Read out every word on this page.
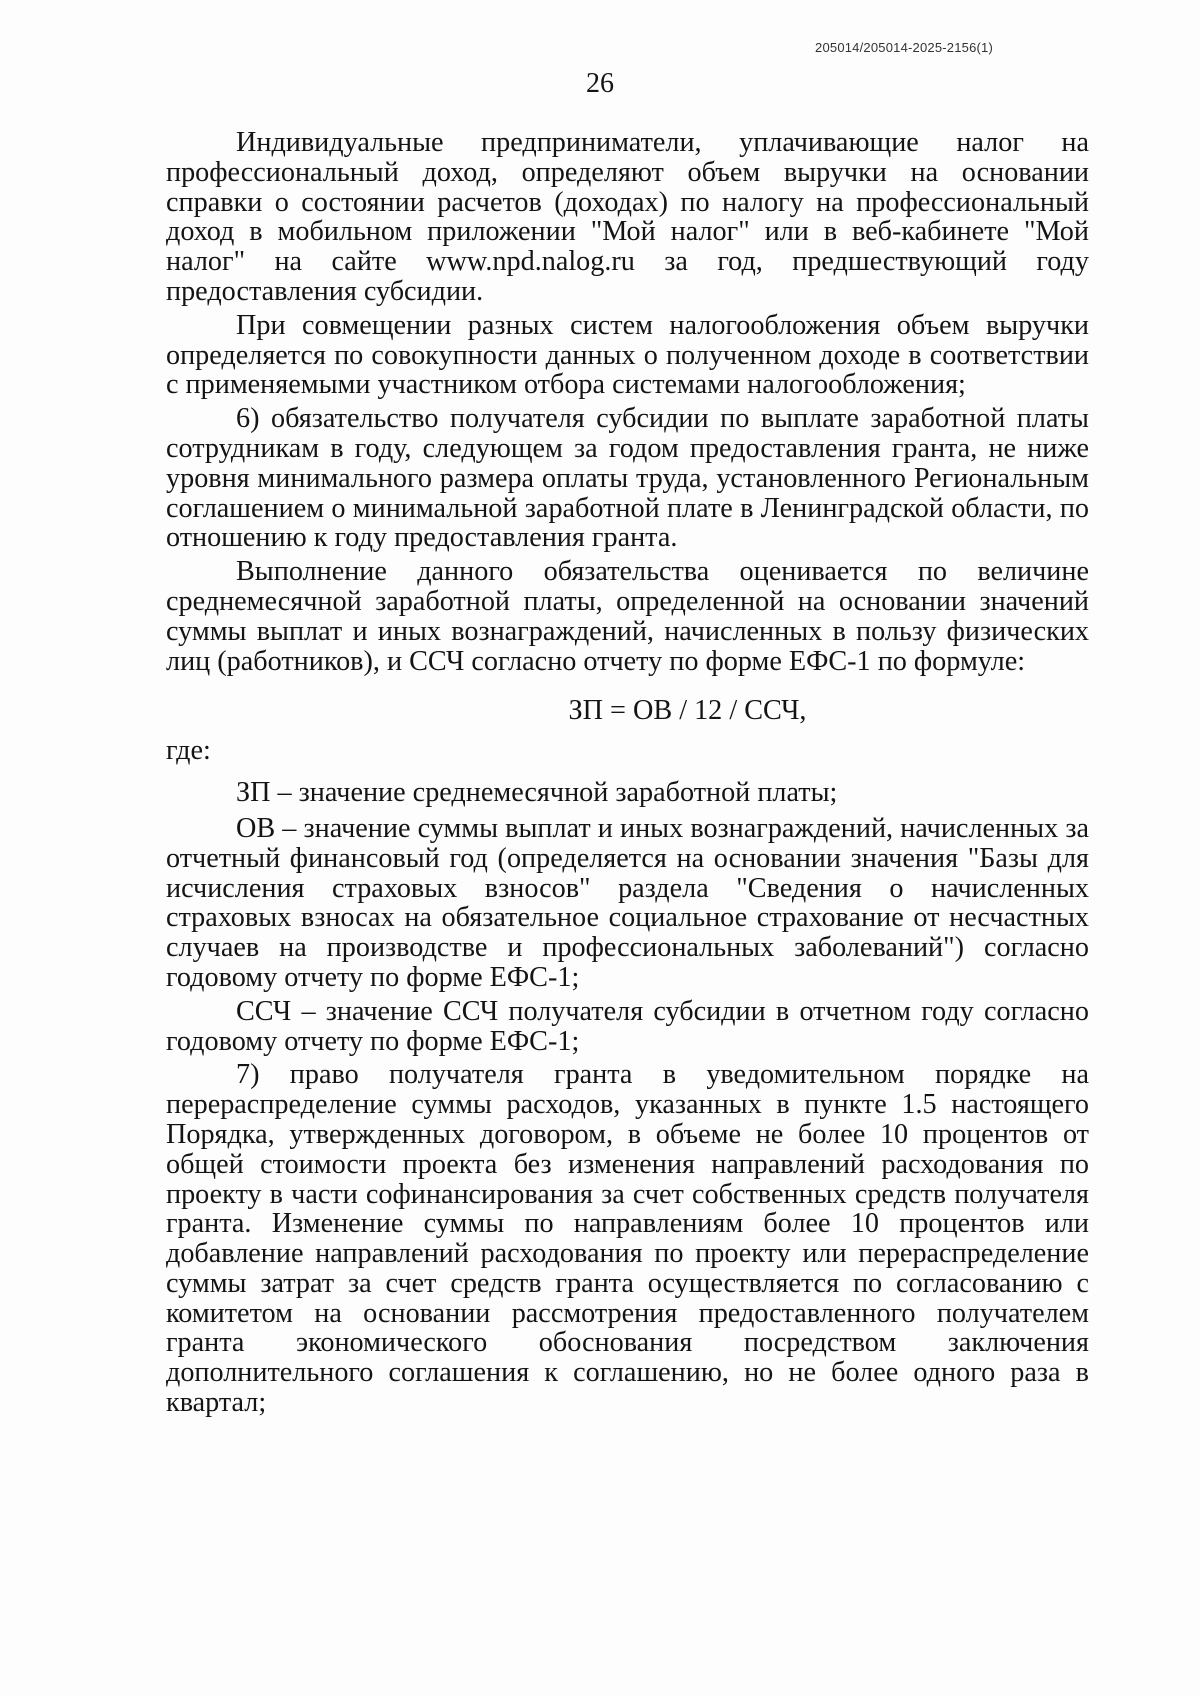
205014/205014-2025-2156(1)
26

Индивидуальные предприниматели, уплачивающие налог на профессиональный доход, определяют объем выручки на основании справки о состоянии расчетов (доходах) по налогу на профессиональный доход в мобильном приложении "Мой налог" или в веб-кабинете "Мой налог" на сайте www.npd.nalog.ru за год, предшествующий году предоставления субсидии.

При совмещении разных систем налогообложения объем выручки определяется по совокупности данных о полученном доходе в соответствии с применяемыми участником отбора системами налогообложения;

6) обязательство получателя субсидии по выплате заработной платы сотрудникам в году, следующем за годом предоставления гранта, не ниже уровня минимального размера оплаты труда, установленного Региональным соглашением о минимальной заработной плате в Ленинградской области, по отношению к году предоставления гранта.

Выполнение данного обязательства оценивается по величине среднемесячной заработной платы, определенной на основании значений суммы выплат и иных вознаграждений, начисленных в пользу физических лиц (работников), и ССЧ согласно отчету по форме ЕФС-1 по формуле:

ЗП = ОВ / 12 / ССЧ,
где:

ЗП – значение среднемесячной заработной платы;

ОВ – значение суммы выплат и иных вознаграждений, начисленных за отчетный финансовый год (определяется на основании значения "Базы для исчисления страховых взносов" раздела "Сведения о начисленных страховых взносах на обязательное социальное страхование от несчастных случаев на производстве и профессиональных заболеваний") согласно годовому отчету по форме ЕФС-1;

ССЧ – значение ССЧ получателя субсидии в отчетном году согласно годовому отчету по форме ЕФС-1;

7) право получателя гранта в уведомительном порядке на перераспределение суммы расходов, указанных в пункте 1.5 настоящего Порядка, утвержденных договором, в объеме не более 10 процентов от общей стоимости проекта без изменения направлений расходования по проекту в части софинансирования за счет собственных средств получателя гранта. Изменение суммы по направлениям более 10 процентов или добавление направлений расходования по проекту или перераспределение суммы затрат за счет средств гранта осуществляется по согласованию с комитетом на основании рассмотрения предоставленного получателем гранта экономического обоснования посредством заключения дополнительного соглашения к соглашению, но не более одного раза в квартал;
